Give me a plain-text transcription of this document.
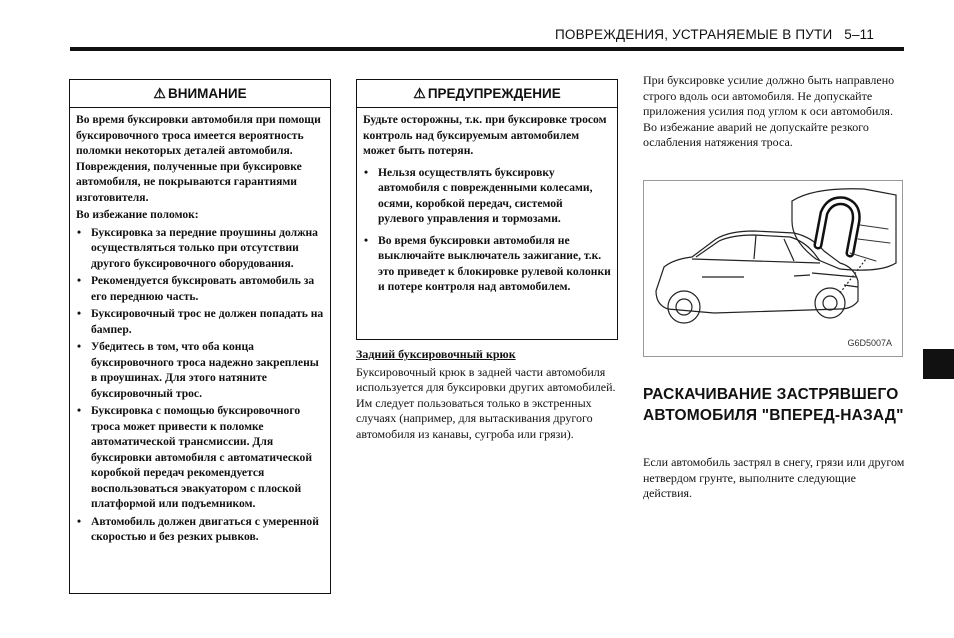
ПОВРЕЖДЕНИЯ, УСТРАНЯЕМЫЕ В ПУТИ 5–11
⚠ ВНИМАНИЕ

Во время буксировки автомобиля при помощи буксировочного троса имеется вероятность поломки некоторых деталей автомобиля. Повреждения, полученные при буксировке автомобиля, не покрываются гарантиями изготовителя.

Во избежание поломок:

• Буксировка за передние проушины должна осуществляться только при отсутствии другого буксировочного оборудования.
• Рекомендуется буксировать автомобиль за его переднюю часть.
• Буксировочный трос не должен попадать на бампер.
• Убедитесь в том, что оба конца буксировочного троса надежно закреплены в проушинах. Для этого натяните буксировочный трос.
• Буксировка с помощью буксировочного троса может привести к поломке автоматической трансмиссии. Для буксировки автомобиля с автоматической коробкой передач рекомендуется воспользоваться эвакуатором с плоской платформой или подъемником.
• Автомобиль должен двигаться с умеренной скоростью и без резких рывков.
⚠ ПРЕДУПРЕЖДЕНИЕ

Будьте осторожны, т.к. при буксировке тросом контроль над буксируемым автомобилем может быть потерян.

• Нельзя осуществлять буксировку автомобиля с поврежденными колесами, осями, коробкой передач, системой рулевого управления и тормозами.
• Во время буксировки автомобиля не выключайте выключатель зажигание, т.к. это приведет к блокировке рулевой колонки и потере контроля над автомобилем.

Задний буксировочный крюк

Буксировочный крюк в задней части автомобиля используется для буксировки других автомобилей. Им следует пользоваться только в экстренных случаях (например, для вытаскивания другого автомобиля из канавы, сугроба или грязи).

При буксировке усилие должно быть направлено строго вдоль оси автомобиля. Не допускайте приложения усилия под углом к оси автомобиля. Во избежание аварий не допускайте резкого ослабления натяжения троса.

G6D5007A
РАСКАЧИВАНИЕ ЗАСТРЯВШЕГО АВТОМОБИЛЯ "ВПЕРЕД-НАЗАД"

Если автомобиль застрял в снегу, грязи или другом нетвердом грунте, выполните следующие действия.
